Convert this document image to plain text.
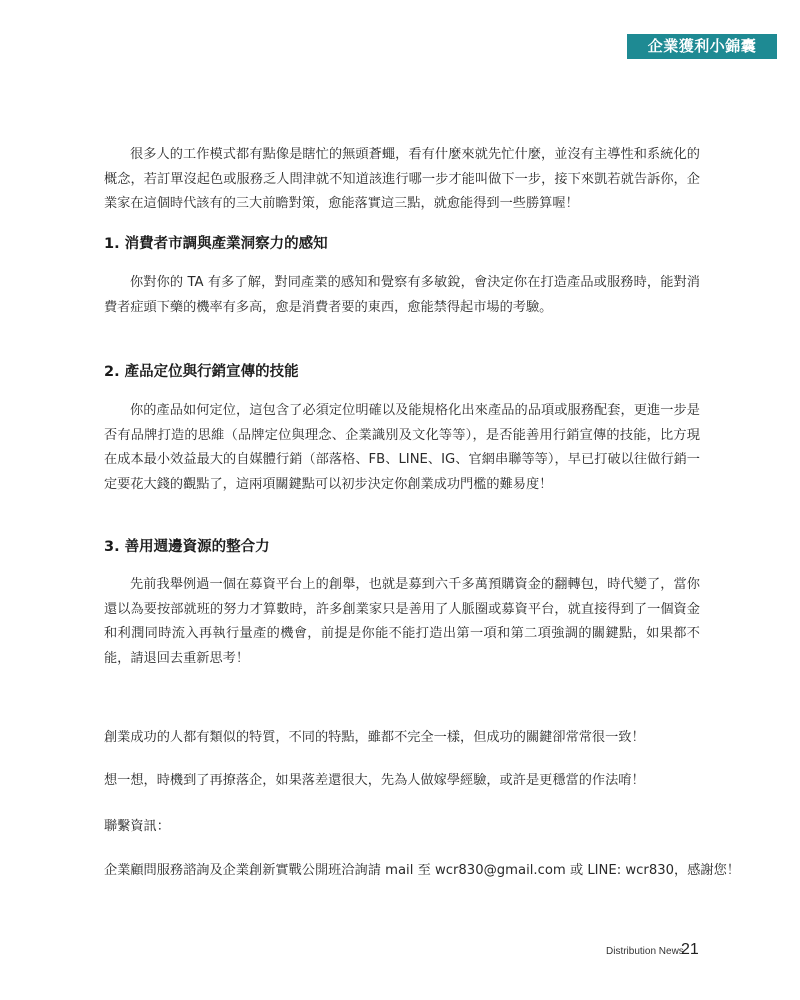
企業獲利小錦囊

很多人的工作模式都有點像是瞎忙的無頭蒼蠅，看有什麼來就先忙什麼，並沒有主導性和系統化的概念，若訂單沒起色或服務乏人問津就不知道該進行哪一步才能叫做下一步，接下來凱若就告訴你，企業家在這個時代該有的三大前瞻對策，愈能落實這三點，就愈能得到一些勝算喔！

1. 消費者市調與產業洞察力的感知

你對你的 TA 有多了解，對同產業的感知和覺察有多敏銳，會決定你在打造產品或服務時，能對消費者症頭下藥的機率有多高，愈是消費者要的東西，愈能禁得起市場的考驗。

2. 產品定位與行銷宣傳的技能

你的產品如何定位，這包含了必須定位明確以及能規格化出來產品的品項或服務配套，更進一步是否有品牌打造的思維（品牌定位與理念、企業識別及文化等等），是否能善用行銷宣傳的技能，比方現在成本最小效益最大的自媒體行銷（部落格、FB、LINE、IG、官網串聯等等），早已打破以往做行銷一定要花大錢的觀點了，這兩項關鍵點可以初步決定你創業成功門檻的難易度！

3. 善用週邊資源的整合力

先前我舉例過一個在募資平台上的創舉，也就是募到六千多萬預購資金的翻轉包，時代變了，當你還以為要按部就班的努力才算數時，許多創業家只是善用了人脈圈或募資平台，就直接得到了一個資金和利潤同時流入再執行量產的機會，前提是你能不能打造出第一項和第二項強調的關鍵點，如果都不能，請退回去重新思考！

創業成功的人都有類似的特質，不同的特點，雖都不完全一樣，但成功的關鍵卻常常很一致！
想一想，時機到了再撩落企，如果落差還很大，先為人做嫁學經驗，或許是更穩當的作法唷！
聯繫資訊：
企業顧問服務諮詢及企業創新實戰公開班洽詢請 mail 至 wcr830@gmail.com 或 LINE: wcr830，感謝您！
Distribution News
21
